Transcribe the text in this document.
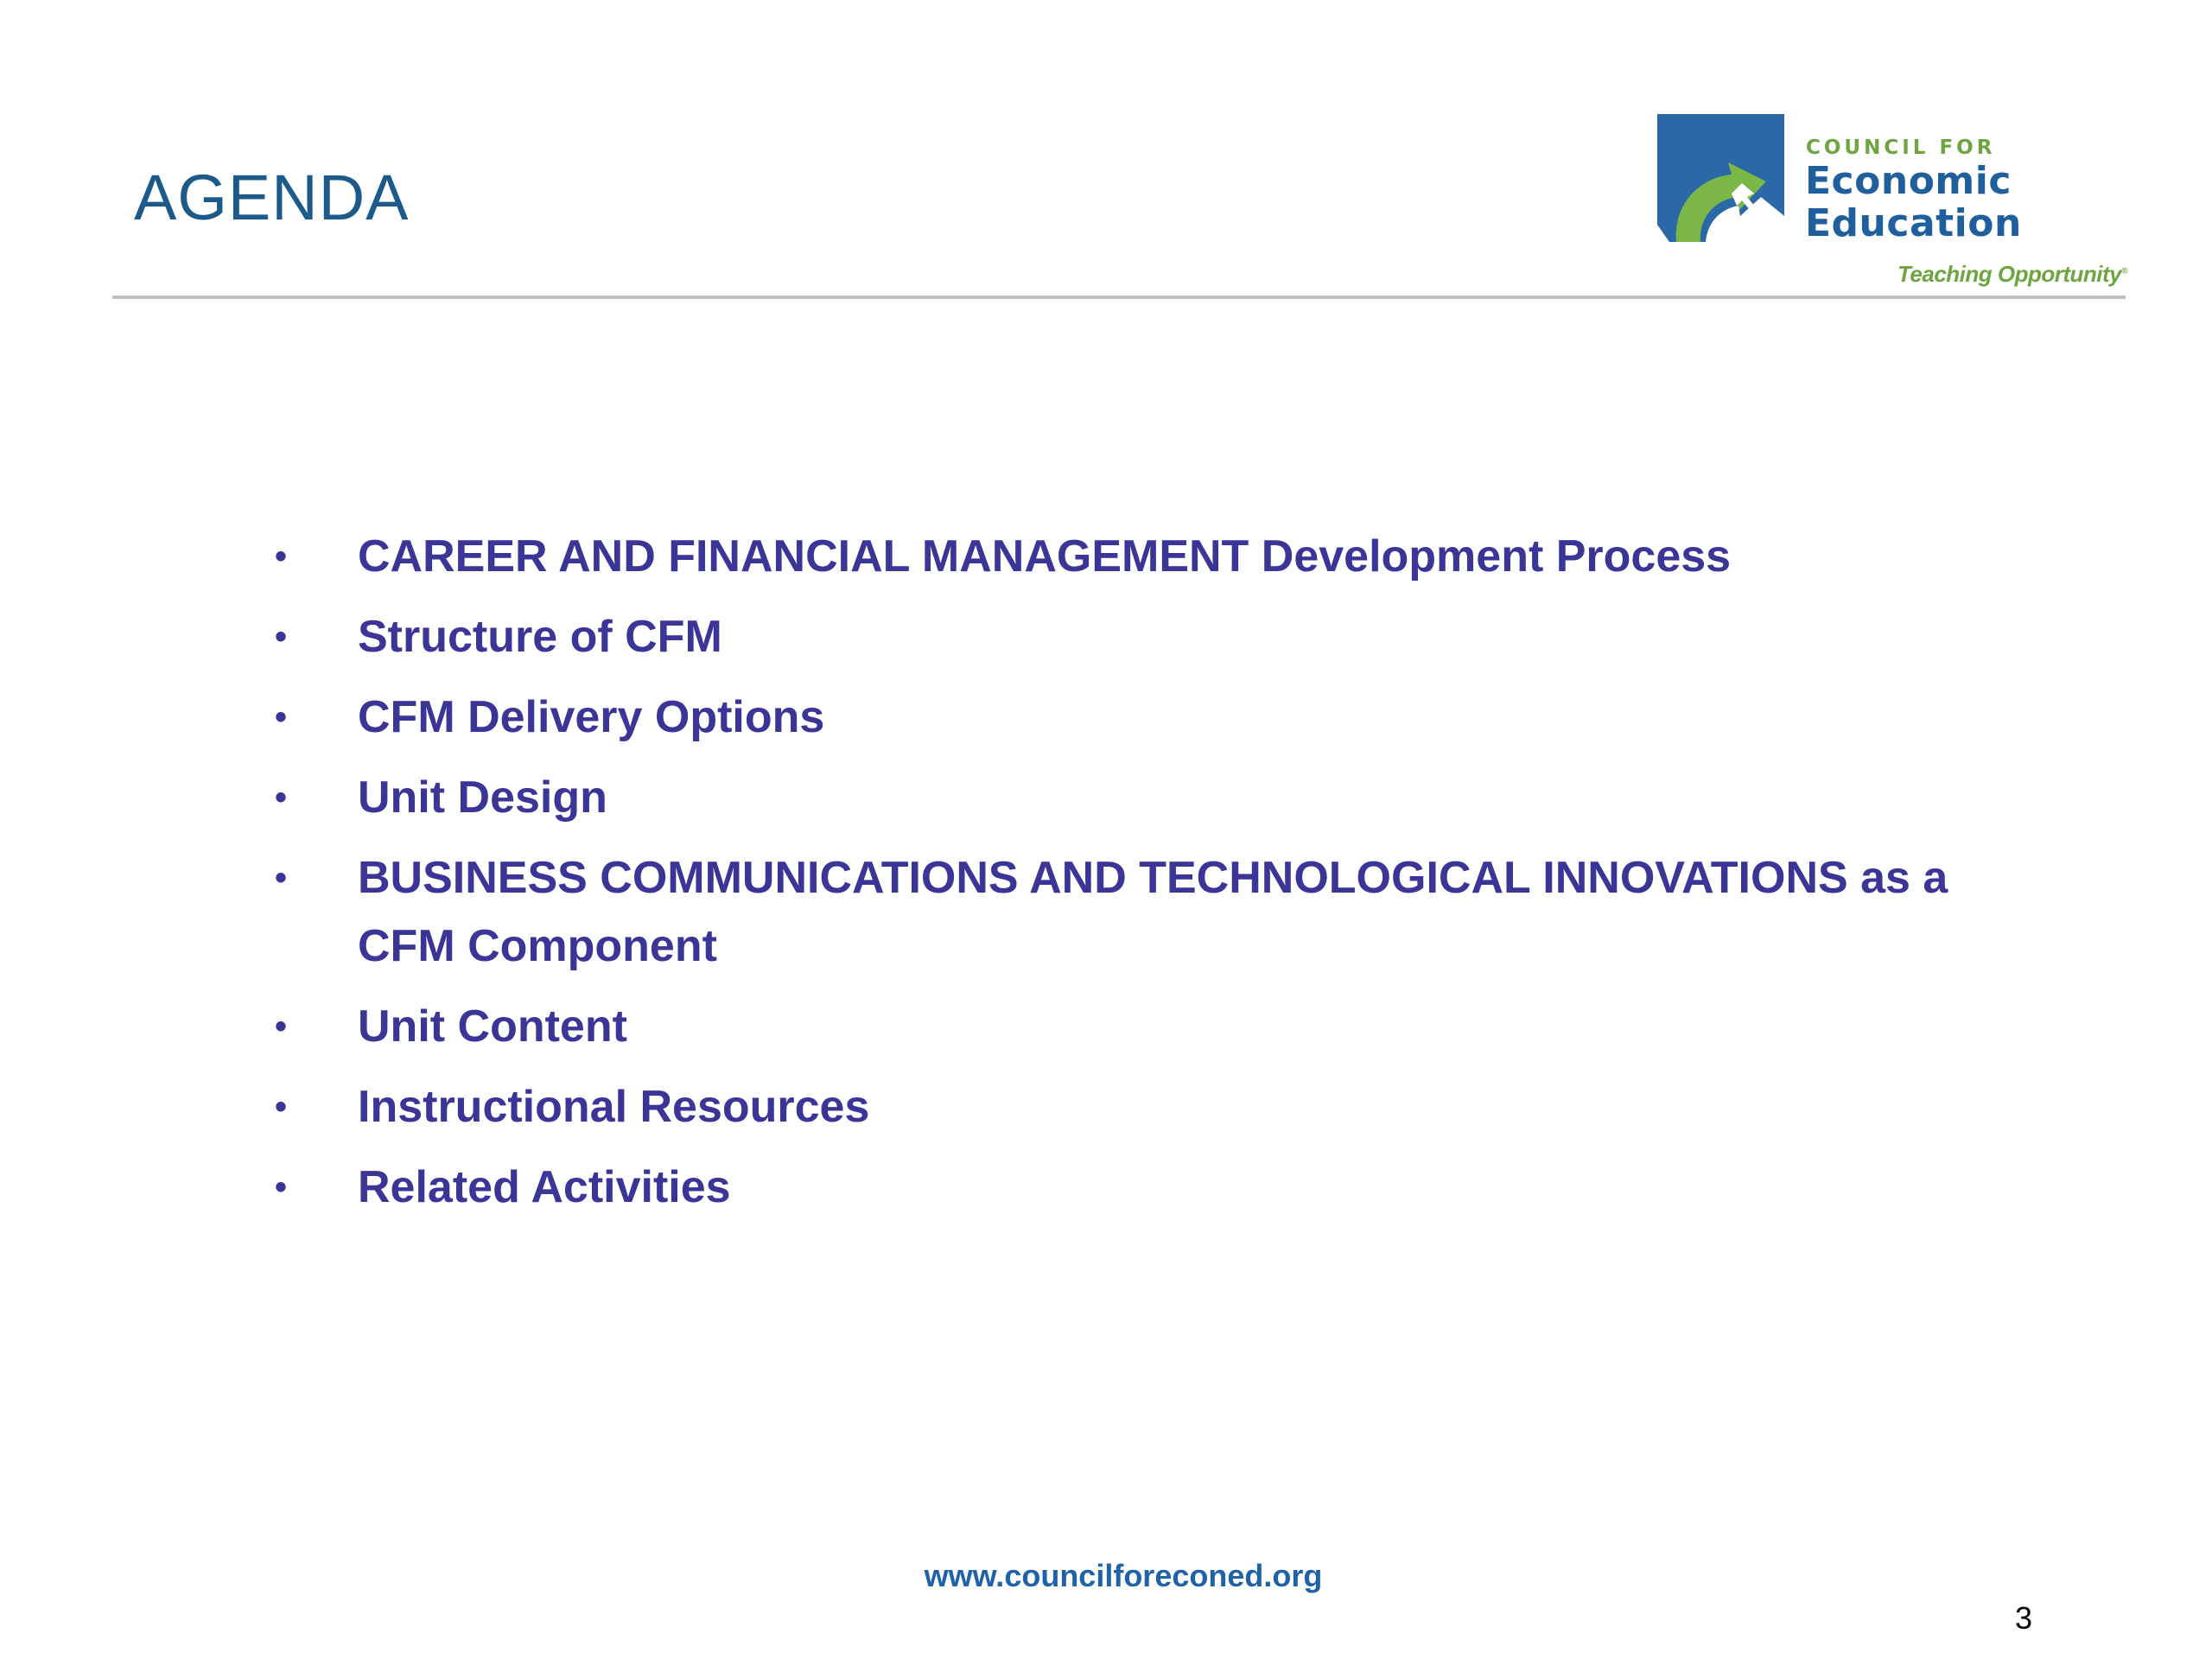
AGENDA
COUNCIL FOR
Economic
Education
Teaching Opportunity®
• CAREER AND FINANCIAL MANAGEMENT Development Process
• Structure of CFM
• CFM Delivery Options
• Unit Design
• BUSINESS COMMUNICATIONS AND TECHNOLOGICAL INNOVATIONS as a CFM Component
• Unit Content
• Instructional Resources
• Related Activities
www.councilforeconed.org
3
